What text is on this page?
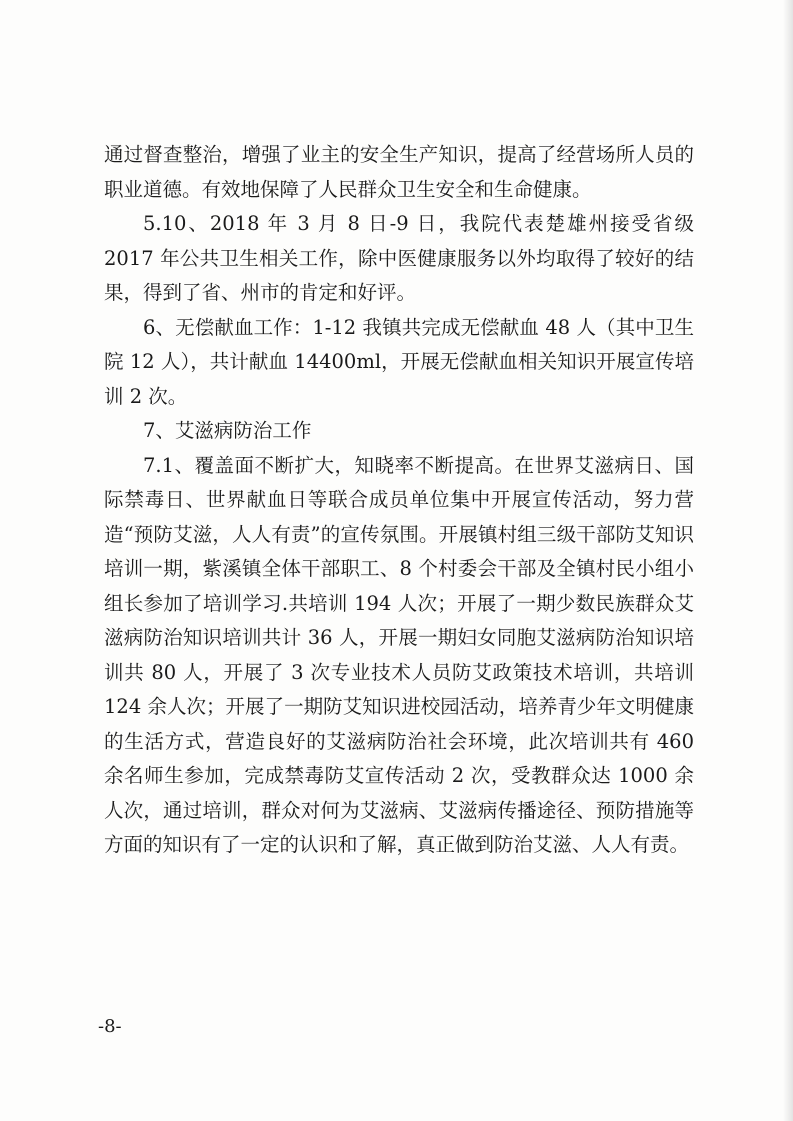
通过督查整治，增强了业主的安全生产知识，提高了经营场所人员的职业道德。有效地保障了人民群众卫生安全和生命健康。

5.10、2018 年 3 月 8 日-9 日，我院代表楚雄州接受省级 2017 年公共卫生相关工作，除中医健康服务以外均取得了较好的结果，得到了省、州市的肯定和好评。

6、无偿献血工作：1-12 我镇共完成无偿献血 48 人（其中卫生院 12 人），共计献血 14400ml，开展无偿献血相关知识开展宣传培训 2 次。

7、艾滋病防治工作

7.1、覆盖面不断扩大，知晓率不断提高。在世界艾滋病日、国际禁毒日、世界献血日等联合成员单位集中开展宣传活动，努力营造“预防艾滋，人人有责”的宣传氛围。开展镇村组三级干部防艾知识培训一期，紫溪镇全体干部职工、8 个村委会干部及全镇村民小组小组长参加了培训学习.共培训 194 人次；开展了一期少数民族群众艾滋病防治知识培训共计 36 人，开展一期妇女同胞艾滋病防治知识培训共 80 人，开展了 3 次专业技术人员防艾政策技术培训，共培训 124 余人次；开展了一期防艾知识进校园活动，培养青少年文明健康的生活方式，营造良好的艾滋病防治社会环境，此次培训共有 460 余名师生参加，完成禁毒防艾宣传活动 2 次，受教群众达 1000 余人次，通过培训，群众对何为艾滋病、艾滋病传播途径、预防措施等方面的知识有了一定的认识和了解，真正做到防治艾滋、人人有责。

-8-
